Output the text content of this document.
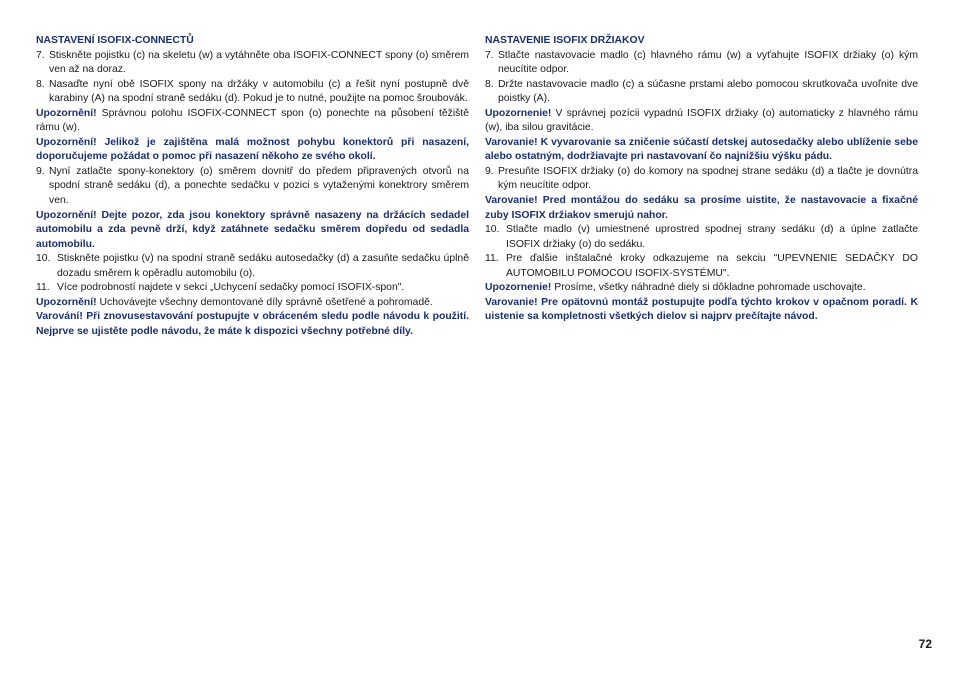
NASTAVENÍ ISOFIX-CONNECTŮ
7. Stiskněte pojistku (c) na skeletu (w) a vytáhněte oba ISOFIX-CONNECT spony (o) směrem ven až na doraz.
8. Nasaďte nyní obě ISOFIX spony na držáky v automobilu (c) a řešit nyní postupně dvě karabiny (A) na spodní straně sedáku (d). Pokud je to nutné, použijte na pomoc šroubovák.
Upozornění! Správnou polohu ISOFIX-CONNECT spon (o) ponechte na působení těžiště rámu (w).
Upozornění! Jelikož je zajištěna malá možnost pohybu konektorů při nasazení, doporučujeme požádat o pomoc při nasazení někoho ze svého okolí.
9. Nyní zatlačte spony-konektory (o) směrem dovnitř do předem připravených otvorů na spodní straně sedáku (d), a ponechte sedačku v pozici s vytaženými konektrory směrem ven.
Upozornění! Dejte pozor, zda jsou konektory správně nasazeny na držácích sedadel automobilu a zda pevně drží, když zatáhnete sedačku směrem dopředu od sedadla automobilu.
10. Stiskněte pojistku (v) na spodní straně sedáku autosedačky (d) a zasuňte sedačku úplně dozadu směrem k opěradlu automobilu (o).
11. Více podrobností najdete v sekci „Uchycení sedačky pomocí ISOFIX-spon".
Upozornění! Uchovávejte všechny demontované díly správně ošetřené a pohromadě.
Varování! Při znovusestavování postupujte v obráceném sledu podle návodu k použití. Nejprve se ujistěte podle návodu, že máte k dispozici všechny potřebné díly.
NASTAVENIE ISOFIX DRŽIAKOV
7. Stlačte nastavovacie madlo (c) hlavného rámu (w) a vyťahujte ISOFIX držiaky (o) kým neucítite odpor.
8. Držte nastavovacie madlo (c) a súčasne prstami alebo pomocou skrutkovača uvoľnite dve poistky (A).
Upozornenie! V správnej pozícii vypadnú ISOFIX držiaky (o) automaticky z hlavného rámu (w), iba silou gravitácie.
Varovanie! K vyvarovanie sa zničenie súčastí detskej autosedačky alebo ublíženie sebe alebo ostatným, dodržiavajte pri nastavovaní čo najnižšiu výšku pádu.
9. Presuňte ISOFIX držiaky (o) do komory na spodnej strane sedáku (d) a tlačte je dovnútra kým neucítite odpor.
Varovanie! Pred montážou do sedáku sa prosíme uistite, že nastavovacie a fixačné zuby ISOFIX držiakov smerujú nahor.
10. Stlačte madlo (v) umiestnené uprostred spodnej strany sedáku (d) a úplne zatlačte ISOFIX držiaky (o) do sedáku.
11. Pre ďalšie inštalačné kroky odkazujeme na sekciu "UPEVNENIE SEDAČKY DO AUTOMOBILU POMOCOU ISOFIX-SYSTÉMU".
Upozornenie! Prosíme, všetky náhradné diely si dôkladne pohromade uschovajte.
Varovanie! Pre opätovnú montáž postupujte podľa týchto krokov v opačnom poradí. K uistenie sa kompletnosti všetkých dielov si najprv prečítajte návod.
72
